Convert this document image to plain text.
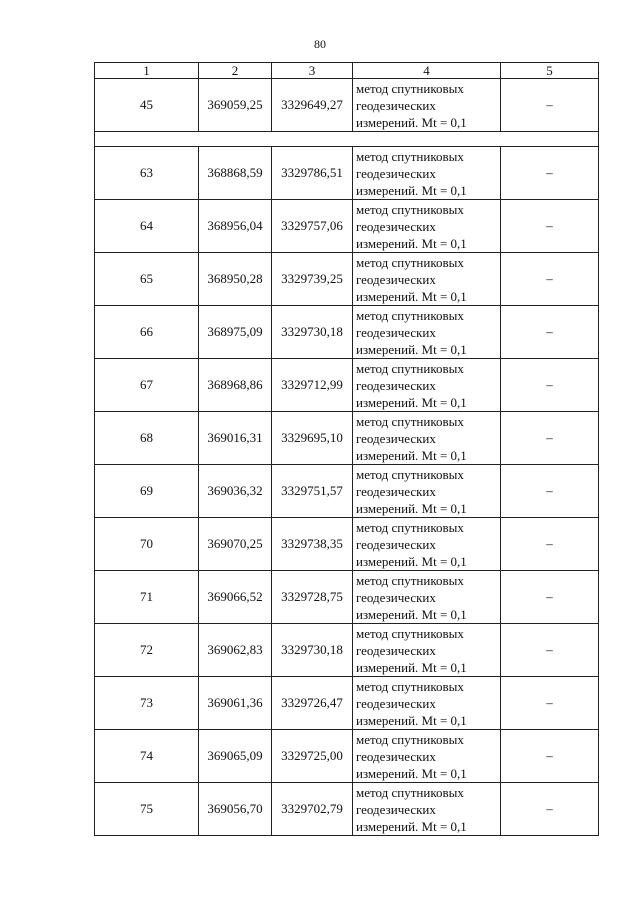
80
1	2	3	4	5
45	369059,25	3329649,27	метод спутниковых геодезических измерений. Mt = 0,1	–

63	368868,59	3329786,51	метод спутниковых геодезических измерений. Mt = 0,1	–
64	368956,04	3329757,06	метод спутниковых геодезических измерений. Mt = 0,1	–
65	368950,28	3329739,25	метод спутниковых геодезических измерений. Mt = 0,1	–
66	368975,09	3329730,18	метод спутниковых геодезических измерений. Mt = 0,1	–
67	368968,86	3329712,99	метод спутниковых геодезических измерений. Mt = 0,1	–
68	369016,31	3329695,10	метод спутниковых геодезических измерений. Mt = 0,1	–
69	369036,32	3329751,57	метод спутниковых геодезических измерений. Mt = 0,1	–
70	369070,25	3329738,35	метод спутниковых геодезических измерений. Mt = 0,1	–
71	369066,52	3329728,75	метод спутниковых геодезических измерений. Mt = 0,1	–
72	369062,83	3329730,18	метод спутниковых геодезических измерений. Mt = 0,1	–
73	369061,36	3329726,47	метод спутниковых геодезических измерений. Mt = 0,1	–
74	369065,09	3329725,00	метод спутниковых геодезических измерений. Mt = 0,1	–
75	369056,70	3329702,79	метод спутниковых геодезических измерений. Mt = 0,1	–
